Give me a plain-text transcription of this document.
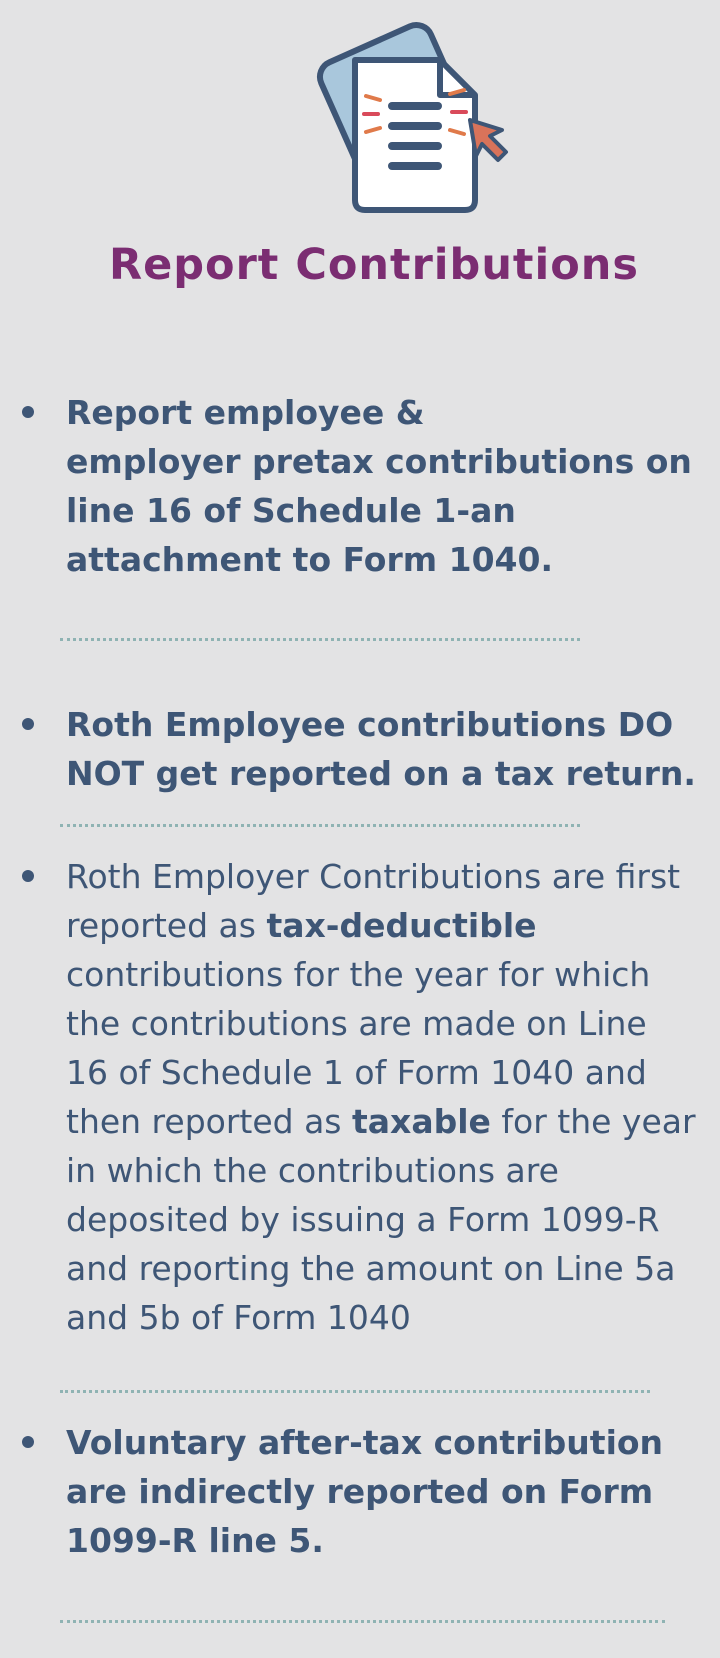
Report Contributions
Report employee &
employer pretax contributions on
line 16 of Schedule 1-an
attachment to Form 1040.
Roth Employee contributions DO
NOT get reported on a tax return.
Roth Employer Contributions are first
reported as tax-deductible
contributions for the year for which
the contributions are made on Line
16 of Schedule 1 of Form 1040 and
then reported as taxable for the year
in which the contributions are
deposited by issuing a Form 1099-R
and reporting the amount on Line 5a
and 5b of Form 1040
Voluntary after-tax contribution
are indirectly reported on Form
1099-R line 5.
